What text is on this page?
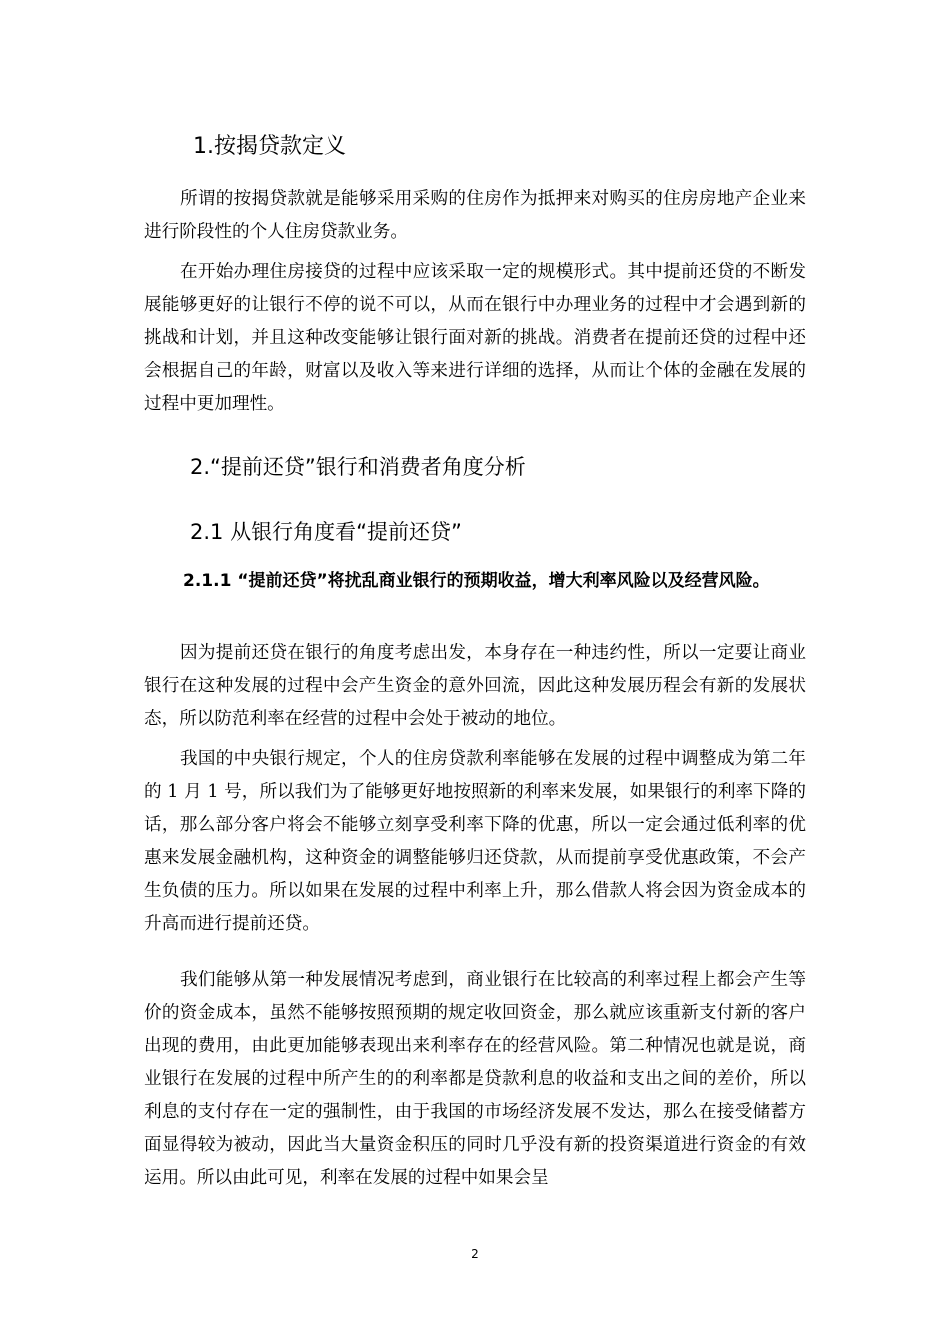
1.按揭贷款定义

所谓的按揭贷款就是能够采用采购的住房作为抵押来对购买的住房房地产企业来进行阶段性的个人住房贷款业务。

在开始办理住房接贷的过程中应该采取一定的规模形式。其中提前还贷的不断发展能够更好的让银行不停的说不可以，从而在银行中办理业务的过程中才会遇到新的挑战和计划，并且这种改变能够让银行面对新的挑战。消费者在提前还贷的过程中还会根据自己的年龄，财富以及收入等来进行详细的选择，从而让个体的金融在发展的过程中更加理性。

2.“提前还贷”银行和消费者角度分析
2.1 从银行角度看“提前还贷”
2.1.1 “提前还贷”将扰乱商业银行的预期收益，增大利率风险以及经营风险。

因为提前还贷在银行的角度考虑出发，本身存在一种违约性，所以一定要让商业银行在这种发展的过程中会产生资金的意外回流，因此这种发展历程会有新的发展状态，所以防范利率在经营的过程中会处于被动的地位。

我国的中央银行规定，个人的住房贷款利率能够在发展的过程中调整成为第二年的 1 月 1 号，所以我们为了能够更好地按照新的利率来发展，如果银行的利率下降的话，那么部分客户将会不能够立刻享受利率下降的优惠，所以一定会通过低利率的优惠来发展金融机构，这种资金的调整能够归还贷款，从而提前享受优惠政策，不会产生负债的压力。所以如果在发展的过程中利率上升，那么借款人将会因为资金成本的升高而进行提前还贷。

我们能够从第一种发展情况考虑到，商业银行在比较高的利率过程上都会产生等价的资金成本，虽然不能够按照预期的规定收回资金，那么就应该重新支付新的客户出现的费用，由此更加能够表现出来利率存在的经营风险。第二种情况也就是说，商业银行在发展的过程中所产生的的利率都是贷款利息的收益和支出之间的差价，所以利息的支付存在一定的强制性，由于我国的市场经济发展不发达，那么在接受储蓄方面显得较为被动，因此当大量资金积压的同时几乎没有新的投资渠道进行资金的有效运用。所以由此可见，利率在发展的过程中如果会呈

2
